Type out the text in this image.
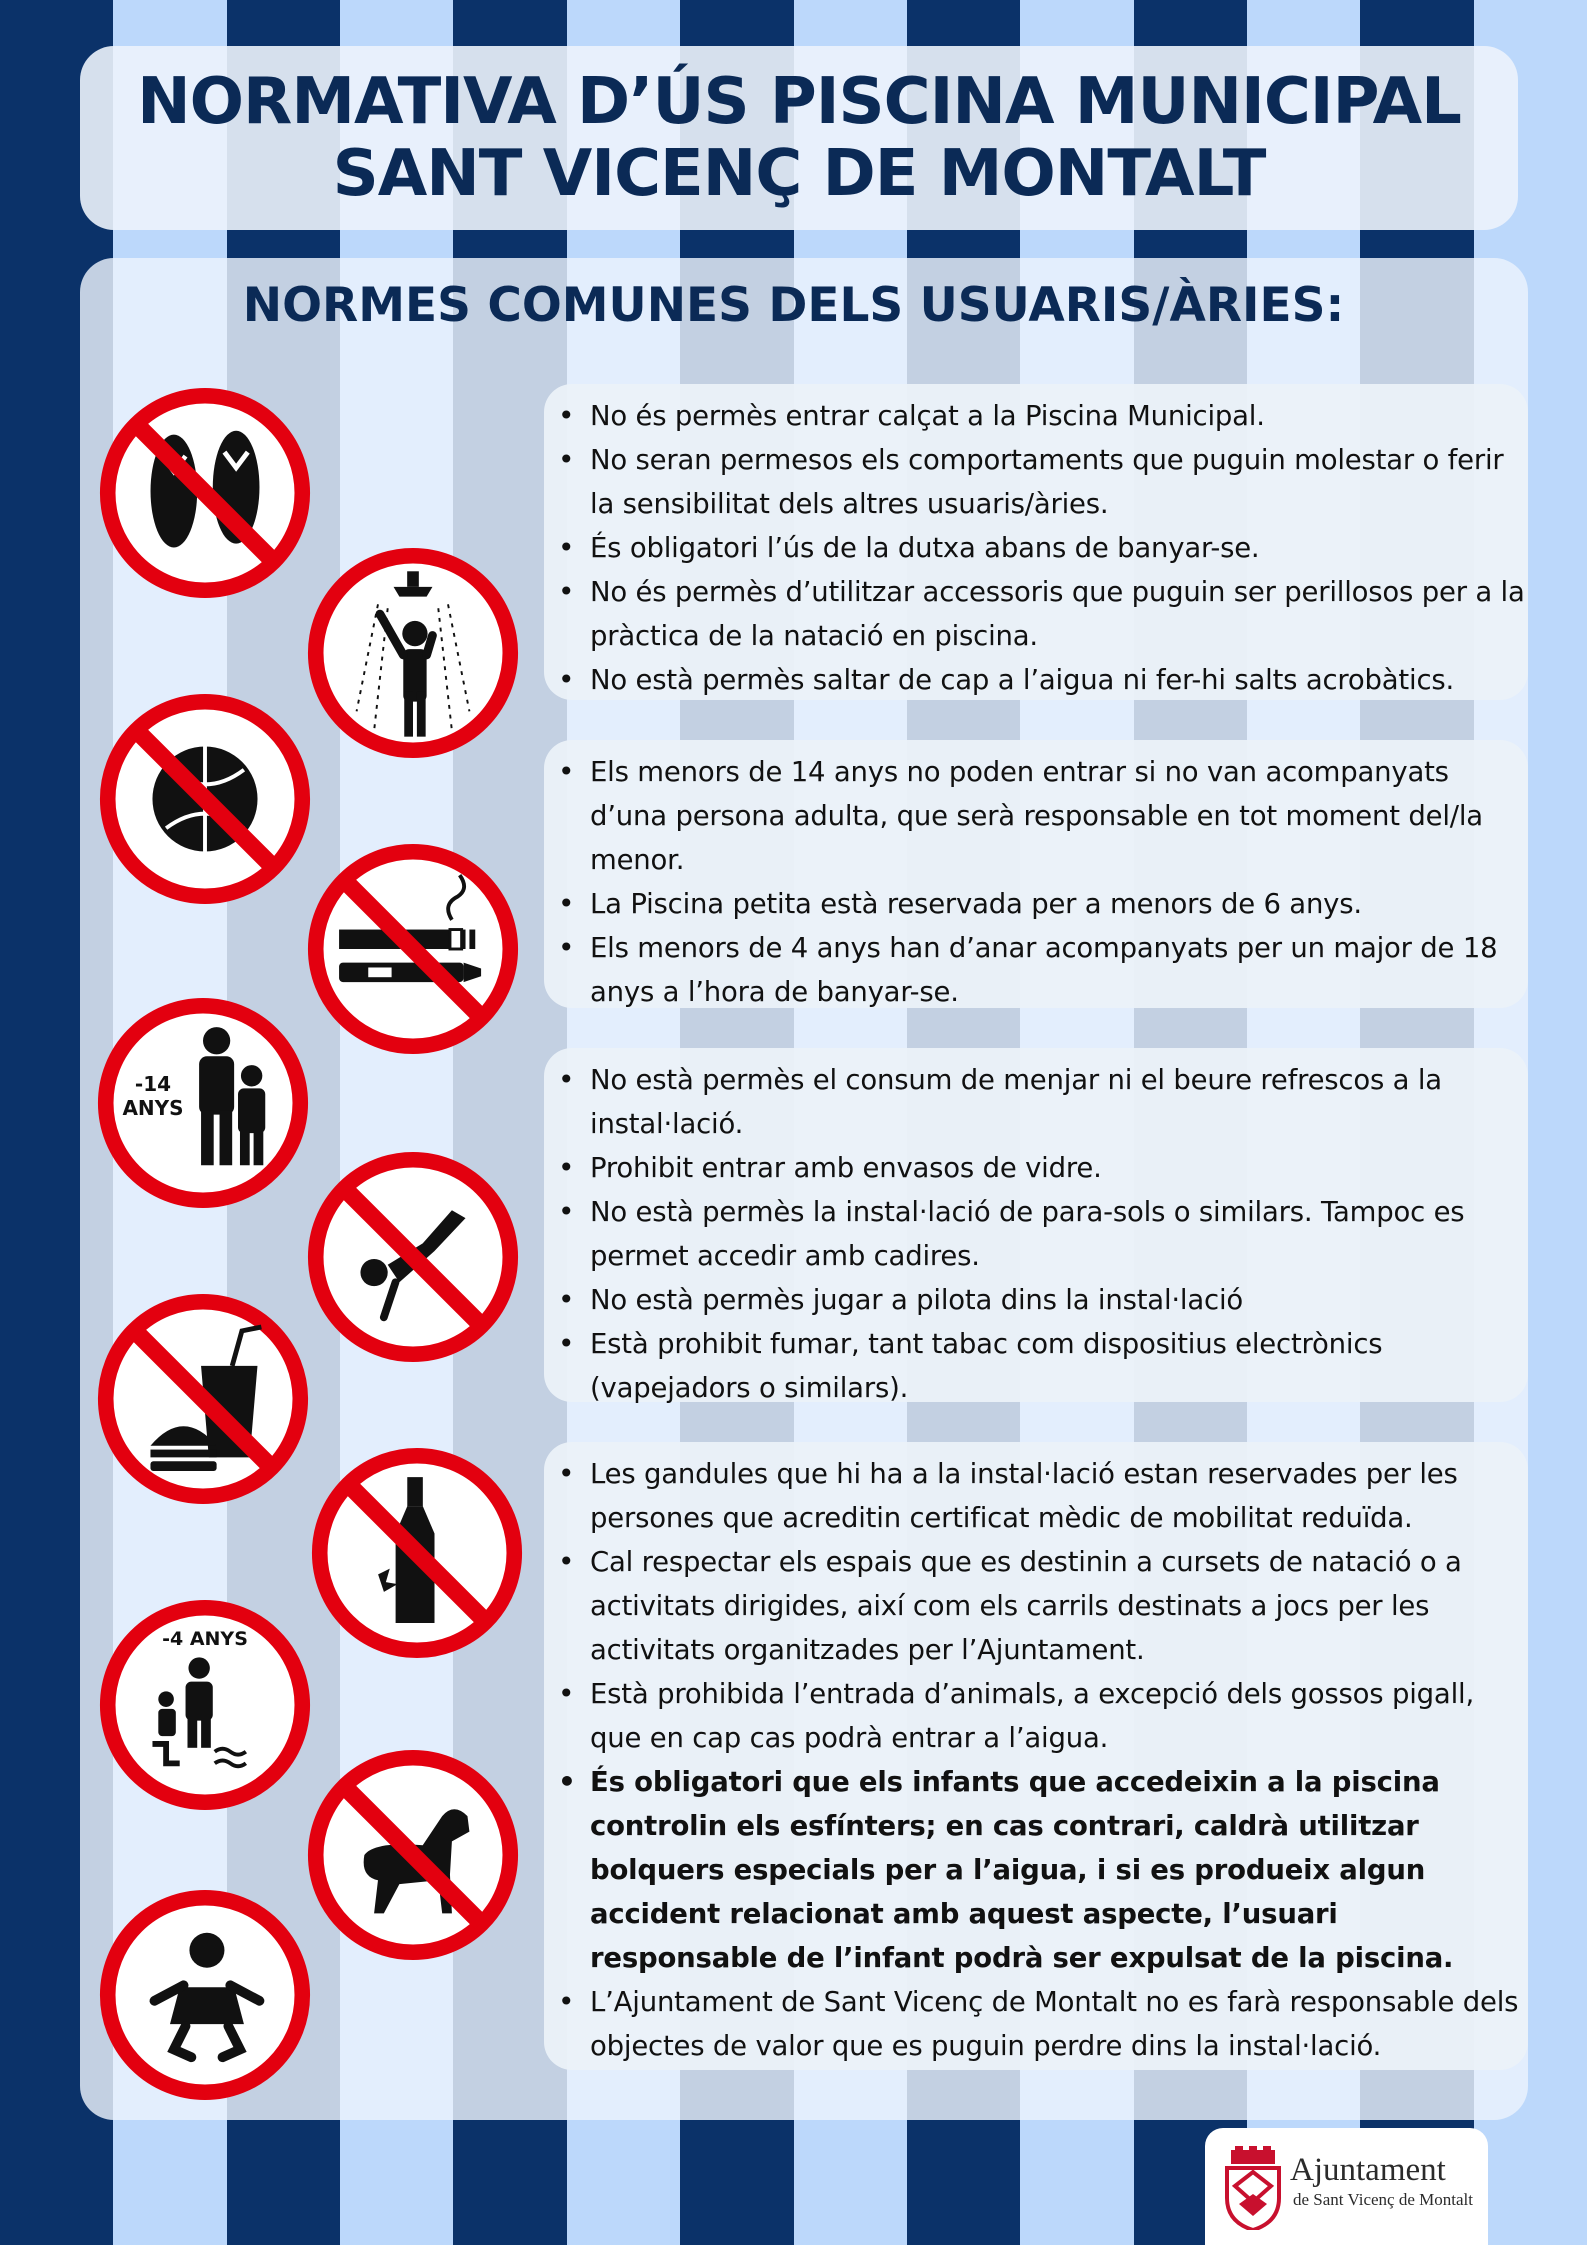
NORMATIVA D’ÚS PISCINA MUNICIPAL
SANT VICENÇ DE MONTALT
NORMES COMUNES DELS USUARIS/ÀRIES:
• No és permès entrar calçat a la Piscina Municipal.
• No seran permesos els comportaments que puguin molestar o ferir la sensibilitat dels altres usuaris/àries.
• És obligatori l’ús de la dutxa abans de banyar-se.
• No és permès d’utilitzar accessoris que puguin ser perillosos per a la pràctica de la natació en piscina.
• No està permès saltar de cap a l’aigua ni fer-hi salts acrobàtics.
• Els menors de 14 anys no poden entrar si no van acompanyats d’una persona adulta, que serà responsable en tot moment del/la menor.
• La Piscina petita està reservada per a menors de 6 anys.
• Els menors de 4 anys han d’anar acompanyats per un major de 18 anys a l’hora de banyar-se.
• No està permès el consum de menjar ni el beure refrescos a la instal·lació.
• Prohibit entrar amb envasos de vidre.
• No està permès la instal·lació de para-sols o similars. Tampoc es permet accedir amb cadires.
• No està permès jugar a pilota dins la instal·lació
• Està prohibit fumar, tant tabac com dispositius electrònics (vapejadors o similars).
• Les gandules que hi ha a la instal·lació estan reservades per les persones que acreditin certificat mèdic de mobilitat reduïda.
• Cal respectar els espais que es destinin a cursets de natació o a activitats dirigides, així com els carrils destinats a jocs per les activitats organitzades per l’Ajuntament.
• Està prohibida l’entrada d’animals, a excepció dels gossos pigall, que en cap cas podrà entrar a l’aigua.
• És obligatori que els infants que accedeixin a la piscina controlin els esfínters; en cas contrari, caldrà utilitzar bolquers especials per a l’aigua, i si es produeix algun accident relacionat amb aquest aspecte, l’usuari responsable de l’infant podrà ser expulsat de la piscina.
• L’Ajuntament de Sant Vicenç de Montalt no es farà responsable dels objectes de valor que es puguin perdre dins la instal·lació.
-14
ANYS
-4 ANYS
Ajuntament
de Sant Vicenç de Montalt
